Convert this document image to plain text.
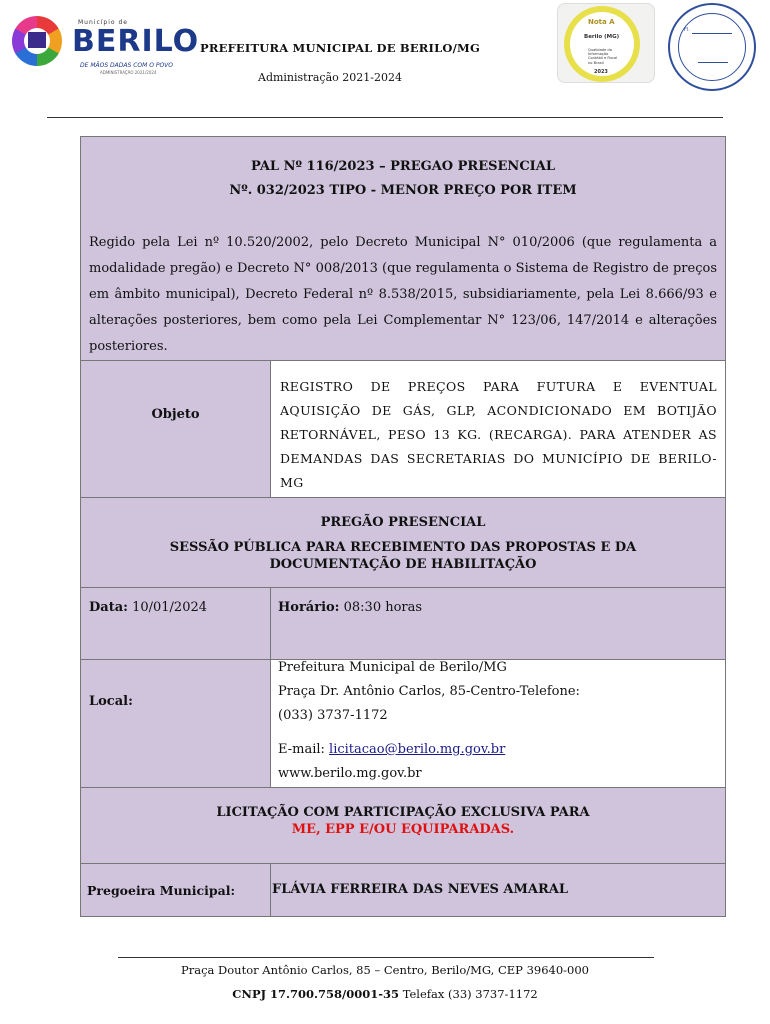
Município de
BERILO
DE MÃOS DADAS COM O POVO
ADMINISTRAÇÃO 2021/2024
PREFEITURA MUNICIPAL DE BERILO/MG
Administração 2021-2024
Nota A
Berilo (MG)
Qualidade da Informação Contábil e Fiscal no Brasil
2023
Fl.
PAL Nº 116/2023 – PREGAO PRESENCIAL
Nº. 032/2023 TIPO - MENOR PREÇO POR ITEM
Regido pela Lei nº 10.520/2002, pelo Decreto Municipal N° 010/2006 (que regulamenta a
modalidade pregão) e Decreto N° 008/2013 (que regulamenta o Sistema de Registro de preços
em âmbito municipal), Decreto Federal nº 8.538/2015, subsidiariamente, pela Lei 8.666/93 e
alterações posteriores, bem como pela Lei Complementar N° 123/06, 147/2014 e alterações
posteriores.
Objeto
REGISTRO DE PREÇOS PARA FUTURA E EVENTUAL
AQUISIÇÃO DE GÁS, GLP, ACONDICIONADO EM BOTIJÃO
RETORNÁVEL, PESO 13 KG. (RECARGA). PARA ATENDER AS
DEMANDAS DAS SECRETARIAS DO MUNICÍPIO DE BERILO-
MG
PREGÃO PRESENCIAL
SESSÃO PÚBLICA PARA RECEBIMENTO DAS PROPOSTAS E DA
DOCUMENTAÇÃO DE HABILITAÇÃO
Data: 10/01/2024	Horário: 08:30 horas
Local:
Prefeitura Municipal de Berilo/MG
Praça Dr. Antônio Carlos, 85-Centro-Telefone:
(033) 3737-1172
E-mail: licitacao@berilo.mg.gov.br
www.berilo.mg.gov.br
LICITAÇÃO COM PARTICIPAÇÃO EXCLUSIVA PARA
ME, EPP E/OU EQUIPARADAS.
Pregoeira Municipal:	FLÁVIA FERREIRA DAS NEVES AMARAL
Praça Doutor Antônio Carlos, 85 – Centro, Berilo/MG, CEP 39640-000
CNPJ 17.700.758/0001-35 Telefax (33) 3737-1172
